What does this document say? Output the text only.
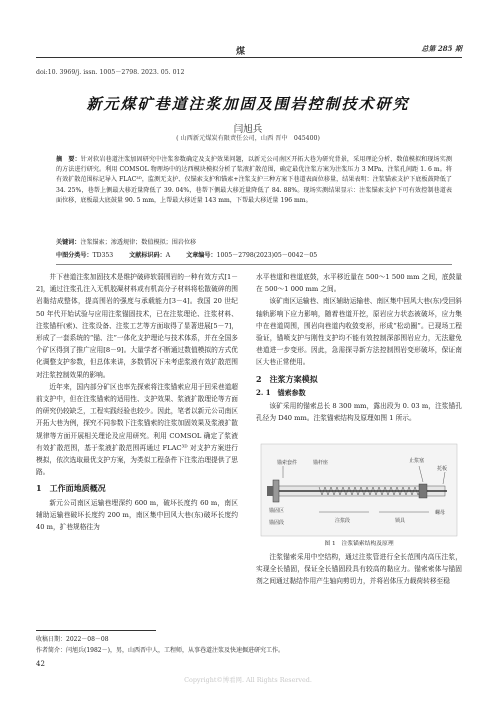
煤	总第 285 期
doi:10. 3969/j. issn. 1005－2798. 2023. 05. 012
新元煤矿巷道注浆加固及围岩控制技术研究
闫旭兵
( 山西新元煤炭有限责任公司，山西 晋中　045400)
摘　要：针对软岩巷道注浆加固研究中注浆参数确定及支护效果问题，以新元公司南区开拓大巷为研究背景，采用理论分析、数值模拟和现场实测的方法进行研究。利用 COMSOL 物理场中的达西模块模拟分析了浆液扩散范围，确定最优注浆方案为注浆压力 3 MPa、注浆孔间距 1. 6 m。将有效扩散范围标记导入 FLAC³ᴰ，监测无支护、仅锚索支护和锚索+注浆支护三种方案下巷道表面位移量，结果表明：注浆锚索支护下底板鼓降低了 34. 25%，巷帮上侧最大移近量降低了 39. 04%，巷帮下侧最大移近量降低了 84. 88%。现场实测结果显示：注浆锚索支护下可有效控制巷道表面位移，底板最大底鼓量 90. 5 mm，上帮最大移近量 143 mm，下帮最大移近量 196 mm。
关键词：注浆锚索；渗透规律；数值模拟；围岩位移
中图分类号：TD353	文献标识码：A	文章编号：1005－2798(2023)05－0042－05

井下巷道注浆加固技术是维护破碎软弱围岩的一种有效方式[1－2]，通过注浆孔注入无机胶凝材料或有机高分子材料将松散破碎的围岩黏结成整体，提高围岩的强度与承载能力[3－4]。我国 20 世纪 50 年代开始试验与应用注浆锚固技术，已在注浆理论、注浆材料、注浆锚杆(索)、注浆设备、注浆工艺等方面取得了显著进展[5－7]，形成了一套系统的“锚、注”一体化支护理论与技术体系，并在全国多个矿区得到了推广应用[8－9]。大量学者不断通过数值模拟的方式优化调整支护参数，但总体来讲，多数情况下未考虑浆液有效扩散范围对注浆控制效果的影响。

近年来，国内部分矿区也率先探索将注浆锚索应用于回采巷道超前支护中，但在注浆锚索的适用性、支护效果、浆液扩散理论等方面的研究仍较缺乏，工程实践经验也较少。因此，笔者以新元公司南区开拓大巷为例，探究不同参数下注浆锚索的注浆加固效果及浆液扩散规律等方面开展相关理论及应用研究。利用 COMSOL 确定了浆液有效扩散范围，基于浆液扩散范围再通过 FLAC³ᴰ 对支护方案进行模拟，依次选取最优支护方案，为类似工程条件下注浆治理提供了思路。

1　工作面地质概况

新元公司南区运输巷埋深约 600 m，破坏长度约 60 m，南区辅助运输巷破坏长度约 200 m，南区集中回风大巷(东)破坏长度约 40 m，扩巷规格往为

水平巷道和巷道底鼓，水平移近量在 500～1 500 mm 之间，底鼓量在 500～1 000 mm 之间。

该矿南区运输巷、南区辅助运输巷、南区集中回风大巷(东)受回斜轴轨影响下应力影响，随着巷道开挖，原岩应力状态被破坏，应力集中在巷道周围，围岩向巷道内收敛变形，形成“松动圈”。已现场工程验证，锚喷支护与刚性支护均不能有效控制深部围岩应力，无法避免巷道进一步变形。因此，急需探寻新方法控制围岩变形破坏，保证南区大巷正常使用。

2　注浆方案模拟
2. 1　锚索参数

该矿采用的锚索总长 8 300 mm，露出段为 0. 03 m，注浆锚孔孔径为 D40 mm。注浆锚索结构及原理如图 1 所示。

锚索套件	锚杆座	止浆塞
托板
锚固区
锚固段	注浆段	锁具
螺母
图 1　注浆锚索结构及原理

注浆锚索采用中空结构，通过注浆管进行全长范围内高压注浆，实现全长锚固，保证全长锚固段具有较高的黏应力。锚索索体与锚固剂之间通过黏结作用产生轴向剪切力，并将岩体压力载荷转移至稳

收稿日期：2022－08－08
作者简介：闫旭兵(1982－)，男，山西晋中人，工程师，从事巷道注浆及快速掘进研究工作。
42
Copyright©博看网. All Rights Reserved.
